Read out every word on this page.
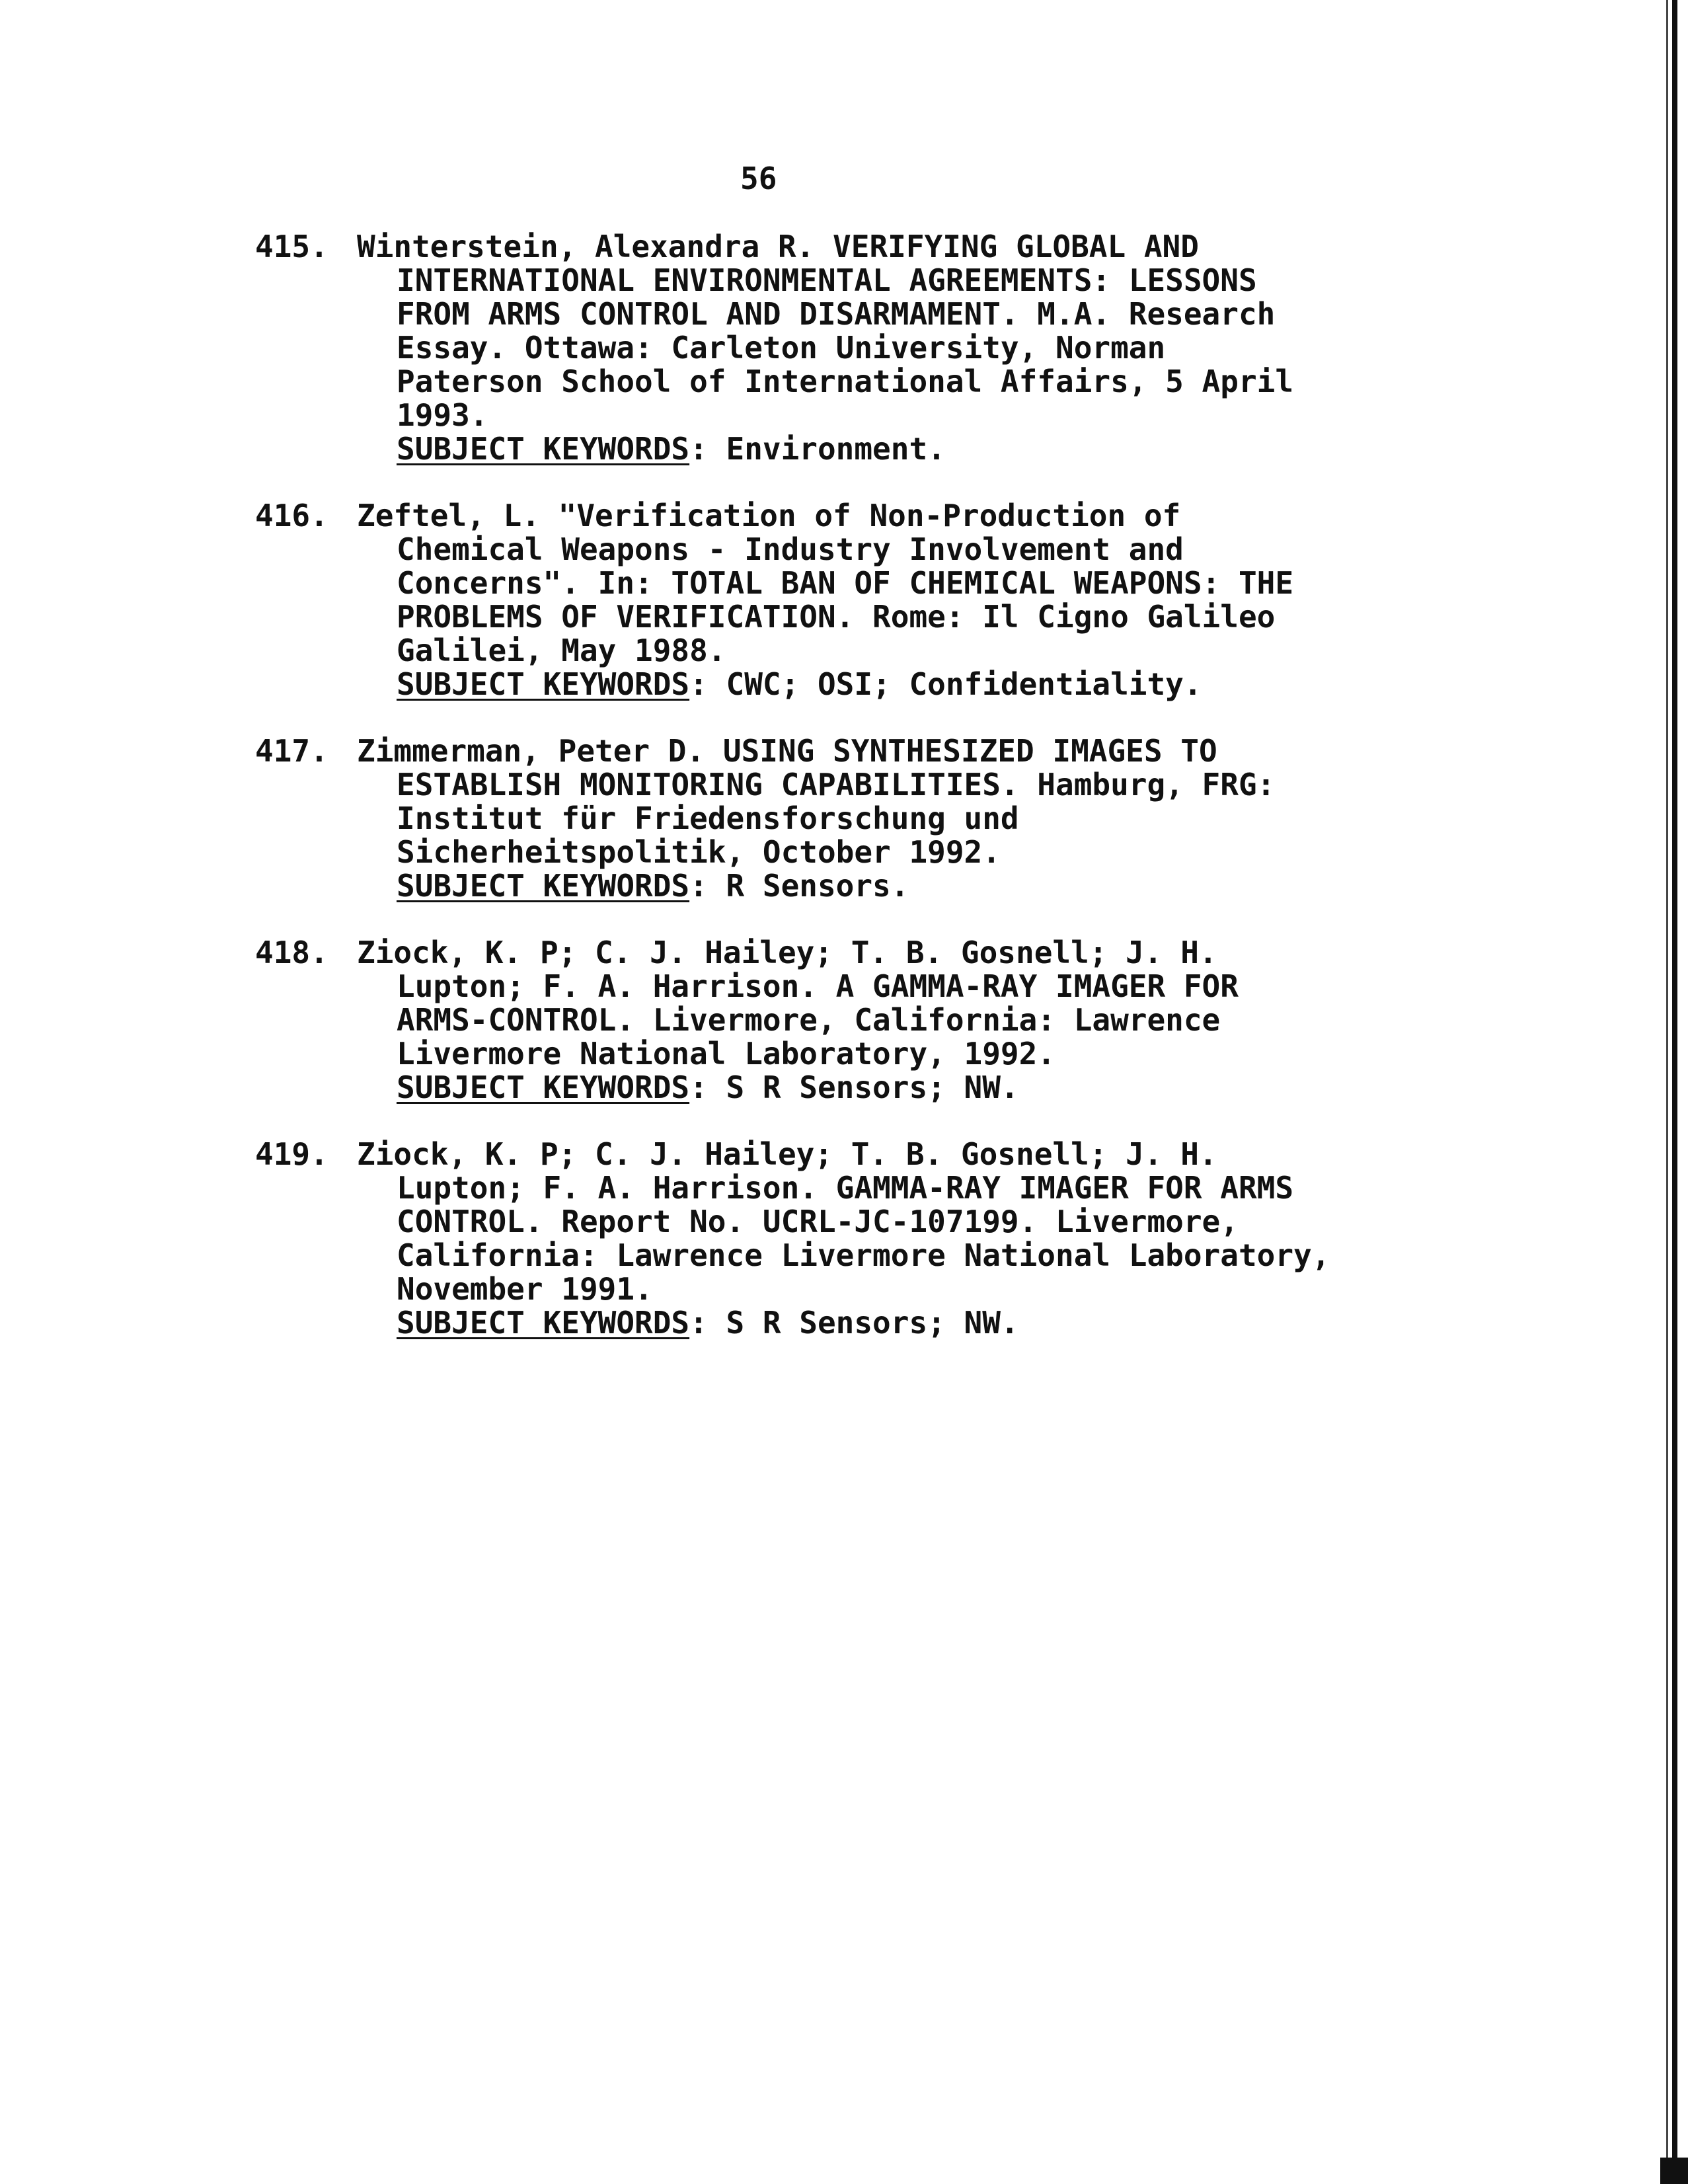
56
415. Winterstein, Alexandra R. VERIFYING GLOBAL AND
INTERNATIONAL ENVIRONMENTAL AGREEMENTS: LESSONS
FROM ARMS CONTROL AND DISARMAMENT. M.A. Research
Essay. Ottawa: Carleton University, Norman
Paterson School of International Affairs, 5 April
1993.
SUBJECT KEYWORDS: Environment.
416. Zeftel, L. "Verification of Non-Production of
Chemical Weapons - Industry Involvement and
Concerns". In: TOTAL BAN OF CHEMICAL WEAPONS: THE
PROBLEMS OF VERIFICATION. Rome: Il Cigno Galileo
Galilei, May 1988.
SUBJECT KEYWORDS: CWC; OSI; Confidentiality.
417. Zimmerman, Peter D. USING SYNTHESIZED IMAGES TO
ESTABLISH MONITORING CAPABILITIES. Hamburg, FRG:
Institut für Friedensforschung und
Sicherheitspolitik, October 1992.
SUBJECT KEYWORDS: R Sensors.
418. Ziock, K. P; C. J. Hailey; T. B. Gosnell; J. H.
Lupton; F. A. Harrison. A GAMMA-RAY IMAGER FOR
ARMS-CONTROL. Livermore, California: Lawrence
Livermore National Laboratory, 1992.
SUBJECT KEYWORDS: S R Sensors; NW.
419. Ziock, K. P; C. J. Hailey; T. B. Gosnell; J. H.
Lupton; F. A. Harrison. GAMMA-RAY IMAGER FOR ARMS
CONTROL. Report No. UCRL-JC-107199. Livermore,
California: Lawrence Livermore National Laboratory,
November 1991.
SUBJECT KEYWORDS: S R Sensors; NW.
